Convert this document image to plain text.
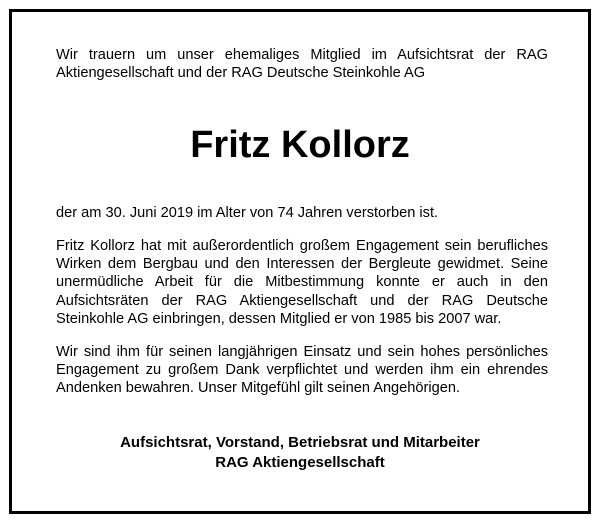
Wir trauern um unser ehemaliges Mitglied im Aufsichtsrat der RAG
Aktiengesellschaft und der RAG Deutsche Steinkohle AG
Fritz Kollorz
der am 30. Juni 2019 im Alter von 74 Jahren verstorben ist.
Fritz Kollorz hat mit außerordentlich großem Engagement sein berufliches Wirken dem Bergbau und den Interessen der Bergleute gewidmet. Seine unermüdliche Arbeit für die Mitbestimmung konnte er auch in den Aufsichtsräten der RAG Aktiengesellschaft und der RAG Deutsche Steinkohle AG einbringen, dessen Mitglied er von 1985 bis 2007 war.
Wir sind ihm für seinen langjährigen Einsatz und sein hohes persönliches Engagement zu großem Dank verpflichtet und werden ihm ein ehrendes Andenken bewahren. Unser Mitgefühl gilt seinen Angehörigen.
Aufsichtsrat, Vorstand, Betriebsrat und Mitarbeiter
RAG Aktiengesellschaft
